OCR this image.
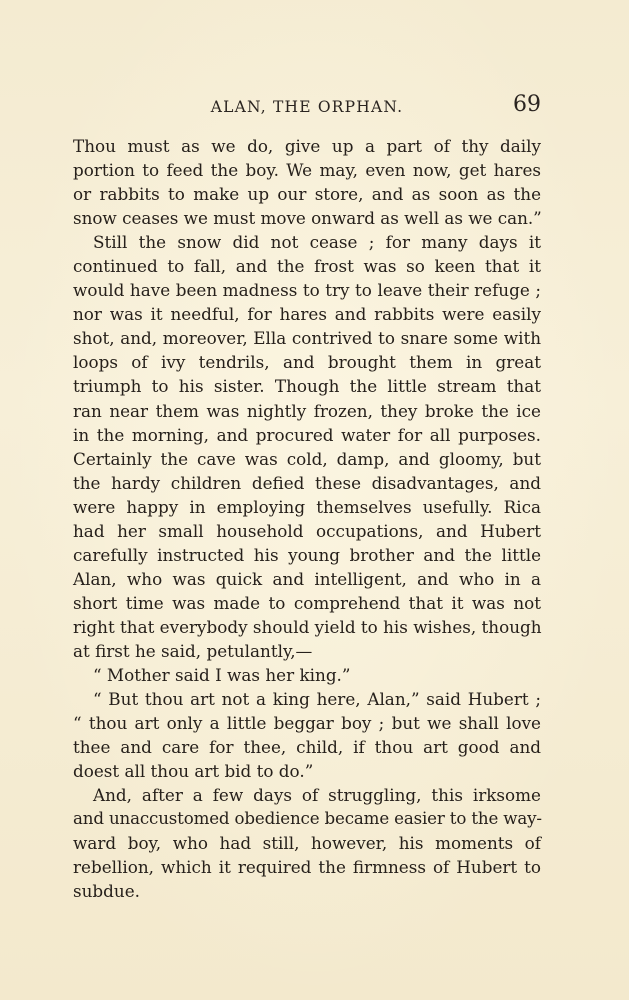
ALAN, THE ORPHAN.	69
Thou must as we do, give up a part of thy daily
portion to feed the boy. We may, even now, get hares
or rabbits to make up our store, and as soon as the
snow ceases we must move onward as well as we can.”
Still the snow did not cease ; for many days it
continued to fall, and the frost was so keen that it
would have been madness to try to leave their refuge ;
nor was it needful, for hares and rabbits were easily
shot, and, moreover, Ella contrived to snare some with
loops of ivy tendrils, and brought them in great
triumph to his sister. Though the little stream that
ran near them was nightly frozen, they broke the ice
in the morning, and procured water for all purposes.
Certainly the cave was cold, damp, and gloomy, but
the hardy children defied these disadvantages, and
were happy in employing themselves usefully. Rica
had her small household occupations, and Hubert
carefully instructed his young brother and the little
Alan, who was quick and intelligent, and who in a
short time was made to comprehend that it was not
right that everybody should yield to his wishes, though
at first he said, petulantly,—
“ Mother said I was her king.”
“ But thou art not a king here, Alan,” said Hubert ;
“ thou art only a little beggar boy ; but we shall love
thee and care for thee, child, if thou art good and
doest all thou art bid to do.”
And, after a few days of struggling, this irksome
and unaccustomed obedience became easier to the way-
ward boy, who had still, however, his moments of
rebellion, which it required the firmness of Hubert to
subdue.
